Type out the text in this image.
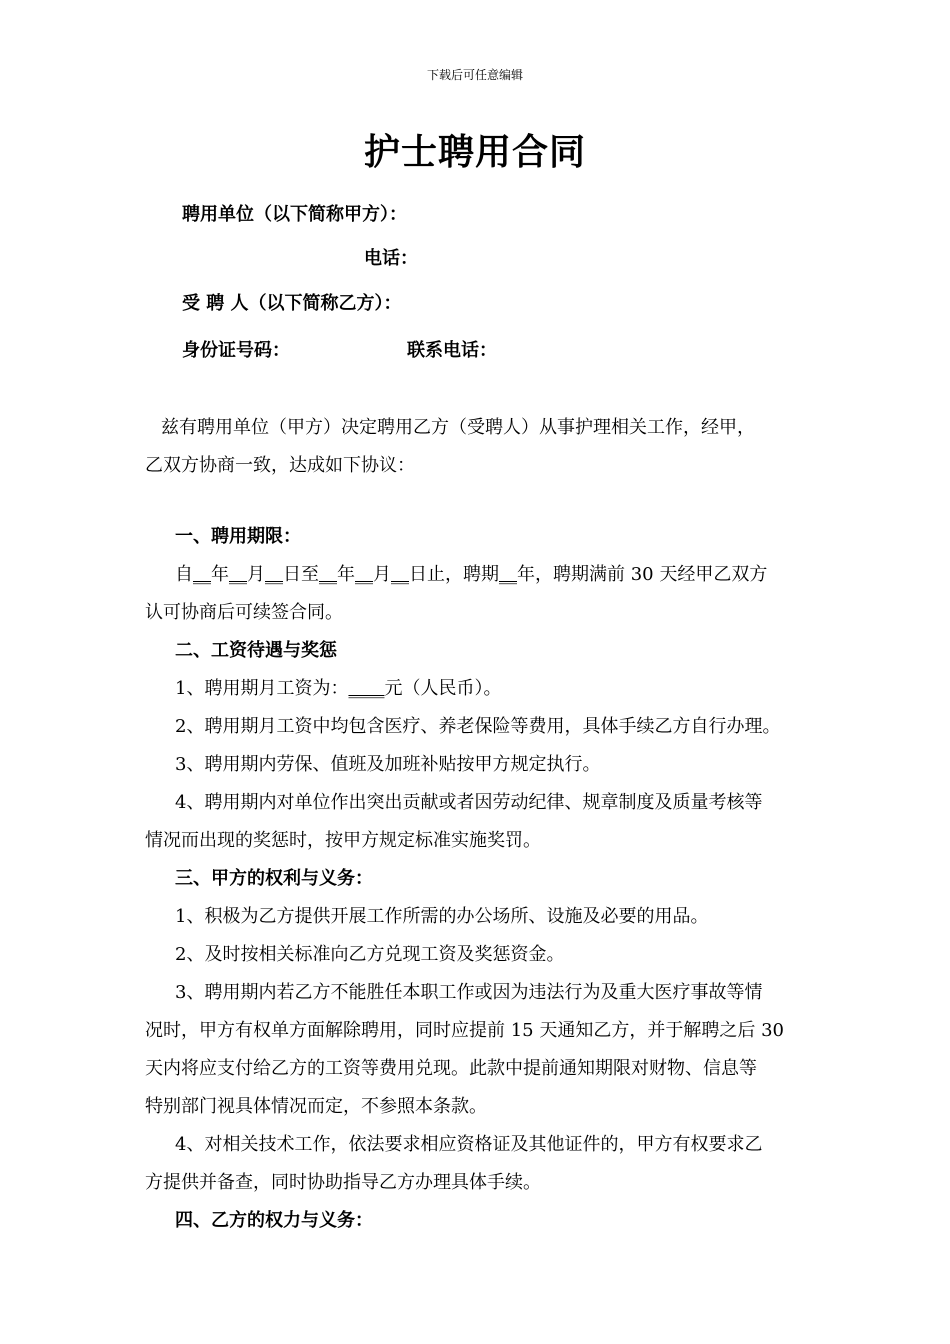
下载后可任意编辑
护士聘用合同
聘用单位（以下简称甲方）：
电话：
受 聘 人（以下简称乙方）：
身份证号码：	联系电话：
兹有聘用单位（甲方）决定聘用乙方（受聘人）从事护理相关工作，经甲，
乙双方协商一致，达成如下协议：
一、聘用期限：
自__年__月__日至__年__月__日止，聘期__年，聘期满前 30 天经甲乙双方
认可协商后可续签合同。
二、工资待遇与奖惩
1、聘用期月工资为：____元（人民币）。
2、聘用期月工资中均包含医疗、养老保险等费用，具体手续乙方自行办理。
3、聘用期内劳保、值班及加班补贴按甲方规定执行。
4、聘用期内对单位作出突出贡献或者因劳动纪律、规章制度及质量考核等
情况而出现的奖惩时，按甲方规定标准实施奖罚。
三、甲方的权利与义务：
1、积极为乙方提供开展工作所需的办公场所、设施及必要的用品。
2、及时按相关标准向乙方兑现工资及奖惩资金。
3、聘用期内若乙方不能胜任本职工作或因为违法行为及重大医疗事故等情
况时，甲方有权单方面解除聘用，同时应提前 15 天通知乙方，并于解聘之后 30
天内将应支付给乙方的工资等费用兑现。此款中提前通知期限对财物、信息等
特别部门视具体情况而定，不参照本条款。
4、对相关技术工作，依法要求相应资格证及其他证件的，甲方有权要求乙
方提供并备查，同时协助指导乙方办理具体手续。
四、乙方的权力与义务：
